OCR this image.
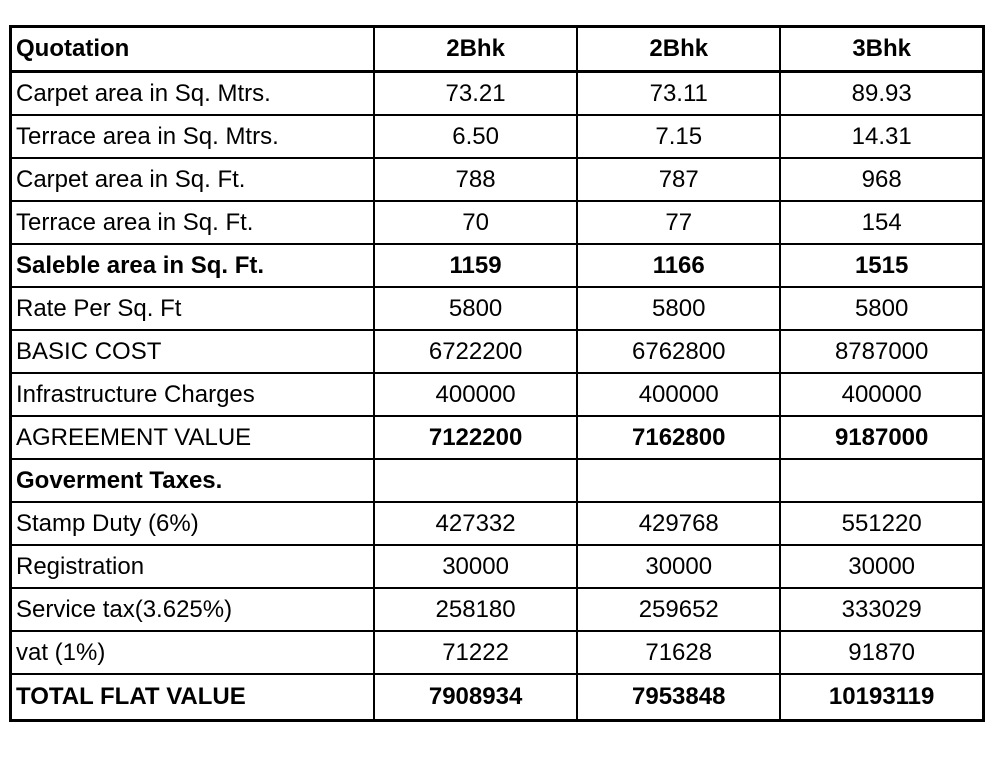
Quotation	2Bhk	2Bhk	3Bhk
Carpet area in Sq. Mtrs.	73.21	73.11	89.93
Terrace area in Sq. Mtrs.	6.50	7.15	14.31
Carpet area in Sq. Ft.	788	787	968
Terrace area in Sq. Ft.	70	77	154
Saleble area in Sq. Ft.	1159	1166	1515
Rate Per Sq. Ft	5800	5800	5800
BASIC COST	6722200	6762800	8787000
Infrastructure Charges	400000	400000	400000
AGREEMENT VALUE	7122200	7162800	9187000
Goverment Taxes.			
Stamp Duty (6%)	427332	429768	551220
Registration	30000	30000	30000
Service tax(3.625%)	258180	259652	333029
vat (1%)	71222	71628	91870
TOTAL FLAT VALUE	7908934	7953848	10193119
